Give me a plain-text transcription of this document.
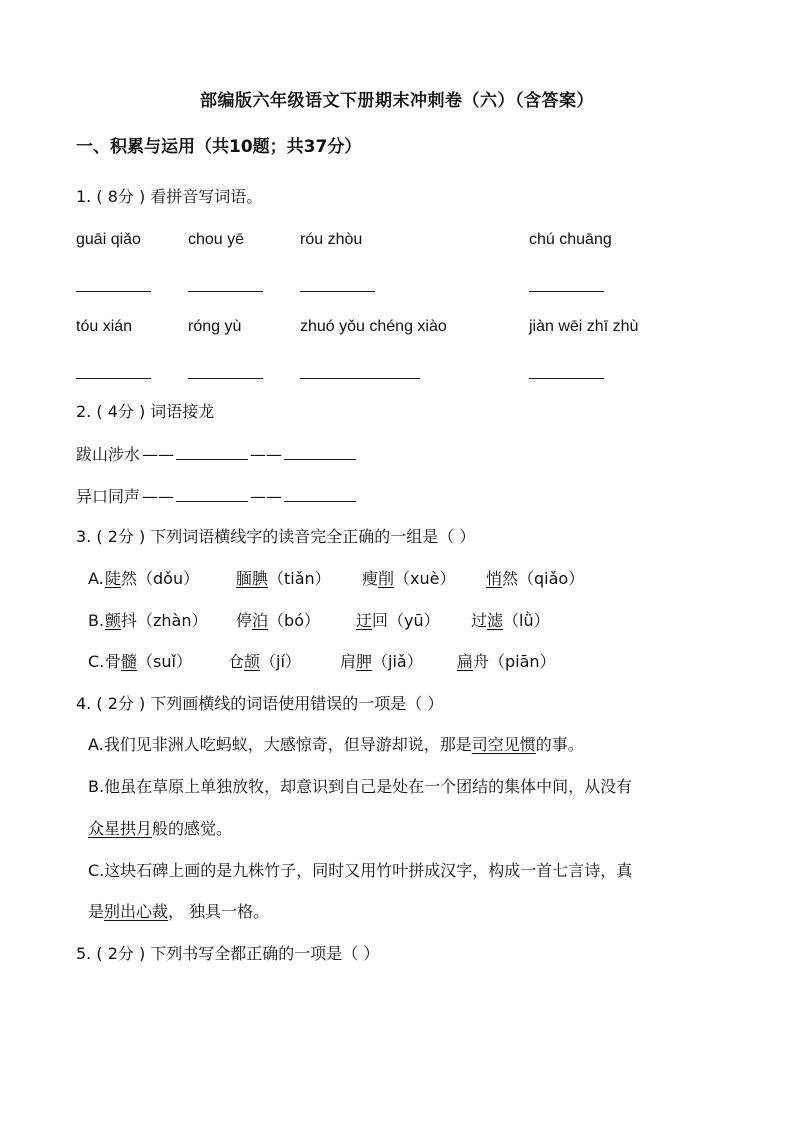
部编版六年级语文下册期末冲刺卷（六）（含答案）
一、积累与运用（共10题；共37分）
1. ( 8分 ) 看拼音写词语。
guāi qiǎo	chou yē	róu zhòu	chú chuāng
tóu xián	róng yù	zhuó yǒu chéng xiào	jiàn wēi zhī zhù
2. ( 4分 ) 词语接龙
跋山涉水 ——	——
异口同声 ——	——
3. ( 2分 ) 下列词语横线字的读音完全正确的一组是（ ）
A. 陡然（dǒu） 腼腆（tiǎn） 瘦削（xuè） 悄然（qiǎo）
B. 颤抖（zhàn） 停泊（bó） 迂回（yū） 过滤（lǜ）
C. 骨髓（suǐ） 仓颉（jí） 肩胛（jiǎ） 扁舟（piān）
4. ( 2分 ) 下列画横线的词语使用错误的一项是（ ）
A.我们见非洲人吃蚂蚁，大感惊奇，但导游却说，那是司空见惯的事。
B.他虽在草原上单独放牧，却意识到自己是处在一个团结的集体中间，从没有
众星拱月般的感觉。
C.这块石碑上画的是九株竹子，同时又用竹叶拼成汉字，构成一首七言诗，真
是别出心裁， 独具一格。
5. ( 2分 ) 下列书写全都正确的一项是（ ）
